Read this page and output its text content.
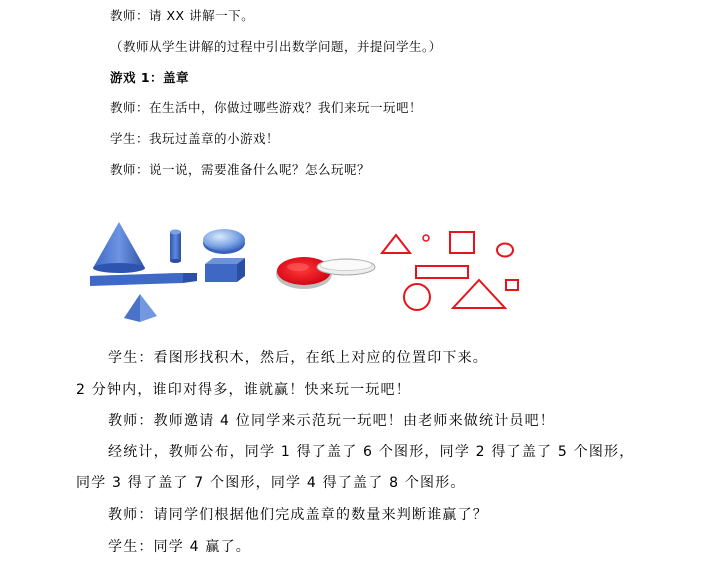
教师：请 XX 讲解一下。
（教师从学生讲解的过程中引出数学问题，并提问学生。）
游戏 1：盖章
教师：在生活中，你做过哪些游戏？我们来玩一玩吧！
学生：我玩过盖章的小游戏！
教师：说一说，需要准备什么呢？怎么玩呢？
学生：看图形找积木，然后，在纸上对应的位置印下来。
2 分钟内，谁印对得多，谁就赢！快来玩一玩吧！
教师：教师邀请 4 位同学来示范玩一玩吧！由老师来做统计员吧！
经统计，教师公布，同学 1 得了盖了 6 个图形，同学 2 得了盖了 5 个图形，
同学 3 得了盖了 7 个图形，同学 4 得了盖了 8 个图形。
教师：请同学们根据他们完成盖章的数量来判断谁赢了？
学生：同学 4 赢了。
